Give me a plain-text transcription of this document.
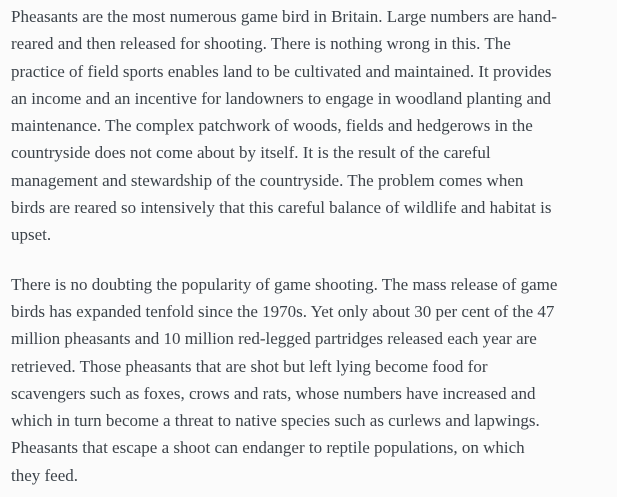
Pheasants are the most numerous game bird in Britain. Large numbers are hand-
reared and then released for shooting. There is nothing wrong in this. The
practice of field sports enables land to be cultivated and maintained. It provides
an income and an incentive for landowners to engage in woodland planting and
maintenance. The complex patchwork of woods, fields and hedgerows in the
countryside does not come about by itself. It is the result of the careful
management and stewardship of the countryside. The problem comes when
birds are reared so intensively that this careful balance of wildlife and habitat is
upset.
There is no doubting the popularity of game shooting. The mass release of game
birds has expanded tenfold since the 1970s. Yet only about 30 per cent of the 47
million pheasants and 10 million red-legged partridges released each year are
retrieved. Those pheasants that are shot but left lying become food for
scavengers such as foxes, crows and rats, whose numbers have increased and
which in turn become a threat to native species such as curlews and lapwings.
Pheasants that escape a shoot can endanger to reptile populations, on which
they feed.
